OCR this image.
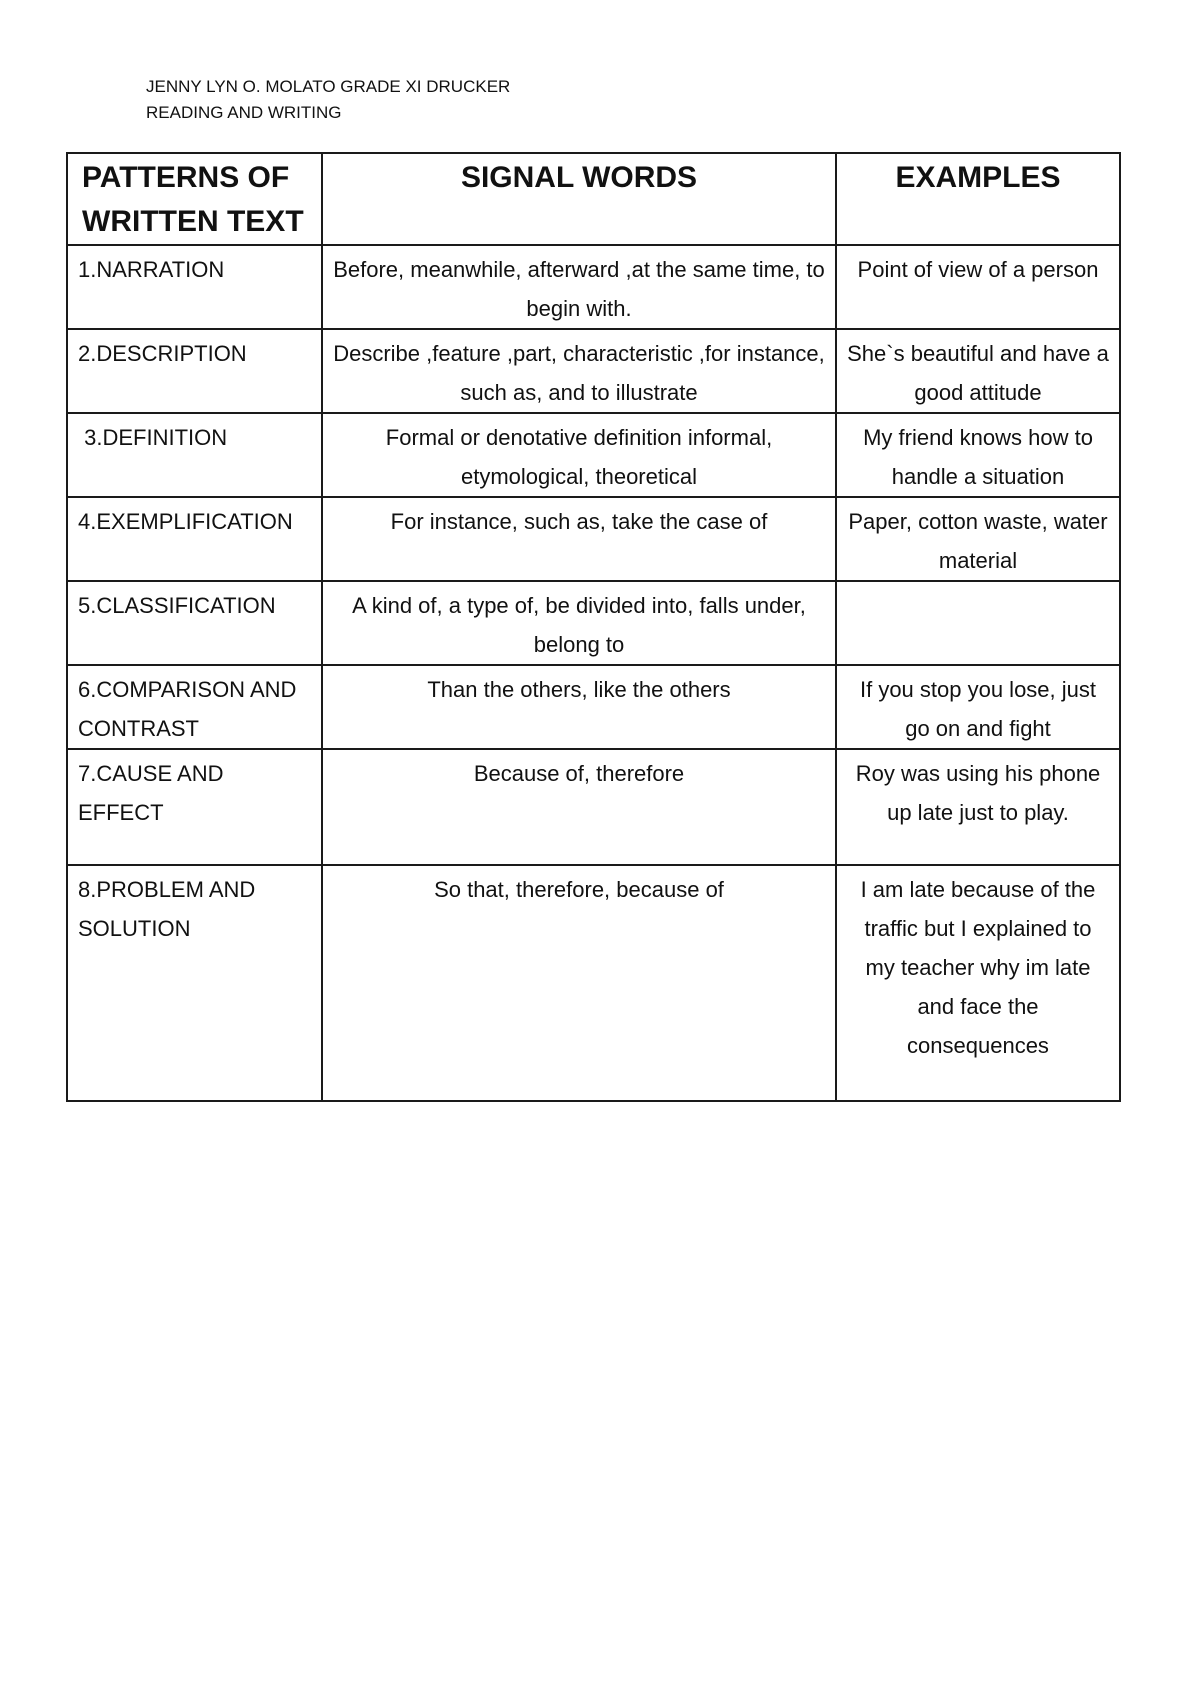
JENNY LYN O. MOLATO GRADE XI DRUCKER
READING AND WRITING
PATTERNS OF WRITTEN TEXT	SIGNAL WORDS	EXAMPLES
1.NARRATION	Before, meanwhile, afterward ,at the same time, to begin with.	Point of view of a person
2.DESCRIPTION	Describe ,feature ,part, characteristic ,for instance, such as, and to illustrate	She`s beautiful and have a good attitude
3.DEFINITION	Formal or denotative definition informal, etymological, theoretical	My friend knows how to handle a situation
4.EXEMPLIFICATION	For instance, such as, take the case of	Paper, cotton waste, water material
5.CLASSIFICATION	A kind of, a type of, be divided into, falls under, belong to	
6.COMPARISON AND CONTRAST	Than the others, like the others	If you stop you lose, just go on and fight
7.CAUSE AND EFFECT	Because of, therefore	Roy was using his phone up late just to play.
8.PROBLEM AND SOLUTION	So that, therefore, because of	I am late because of the traffic but I explained to my teacher why im late and face the consequences
